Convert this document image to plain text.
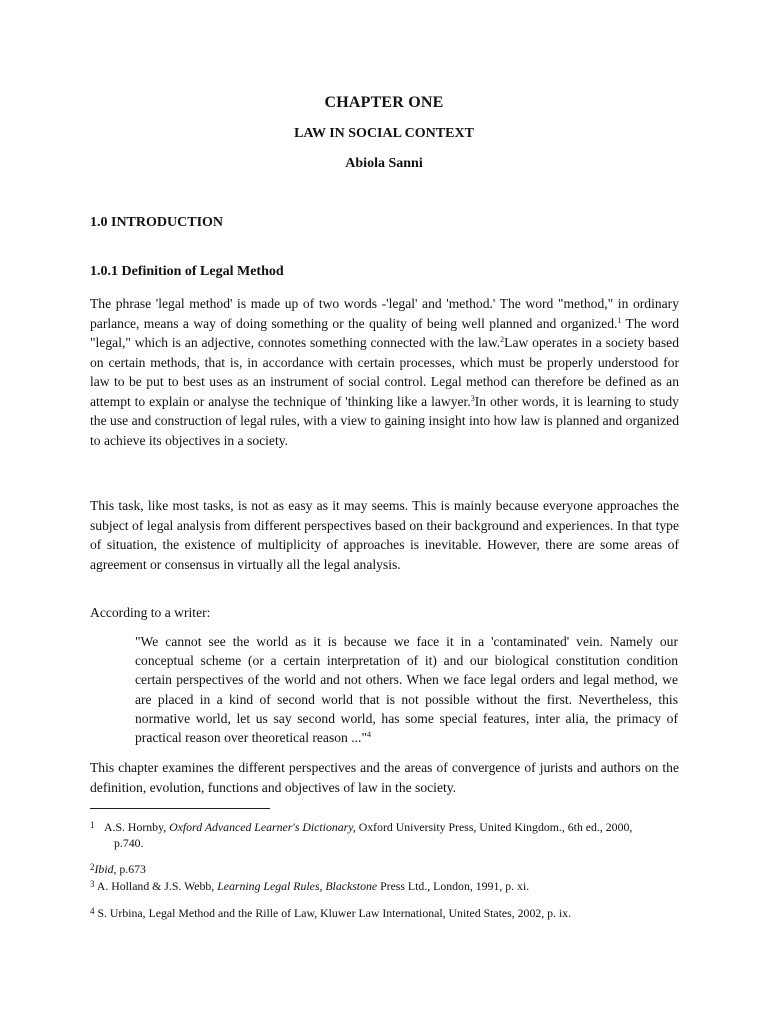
CHAPTER ONE
LAW IN SOCIAL CONTEXT
Abiola Sanni
1.0 INTRODUCTION
1.0.1 Definition of Legal Method

The phrase 'legal method' is made up of two words -'legal' and 'method.' The word "method," in ordinary parlance, means a way of doing something or the quality of being well planned and organized.$^1$ The word "legal," which is an adjective, connotes something connected with the law.$^2$Law operates in a society based on certain methods, that is, in accordance with certain processes, which must be properly understood for law to be put to best uses as an instrument of social control. Legal method can therefore be defined as an attempt to explain or analyse the technique of 'thinking like a lawyer.$^3$In other words, it is learning to study the use and construction of legal rules, with a view to gaining insight into how law is planned and organized to achieve its objectives in a society.

This task, like most tasks, is not as easy as it may seems. This is mainly because everyone approaches the subject of legal analysis from different perspectives based on their background and experiences. In that type of situation, the existence of multiplicity of approaches is inevitable. However, there are some areas of agreement or consensus in virtually all the legal analysis.

According to a writer:

"We cannot see the world as it is because we face it in a 'contaminated' vein. Namely our conceptual scheme (or a certain interpretation of it) and our biological constitution condition certain perspectives of the world and not others. When we face legal orders and legal method, we are placed in a kind of second world that is not possible without the first. Nevertheless, this normative world, let us say second world, has some special features, inter alia, the primacy of practical reason over theoretical reason ..."$^4$

This chapter examines the different perspectives and the areas of convergence of jurists and authors on the definition, evolution, functions and objectives of law in the society.

1 A.S. Hornby, Oxford Advanced Learner's Dictionary, Oxford University Press, United Kingdom., 6th ed., 2000,
p.740.

$^2$Ibid, p.673

$^3$ A. Holland & J.S. Webb, Learning Legal Rules, Blackstone Press Ltd., London, 1991, p. xi.

$^4$ S. Urbina, Legal Method and the Rille of Law, Kluwer Law International, United States, 2002, p. ix.
